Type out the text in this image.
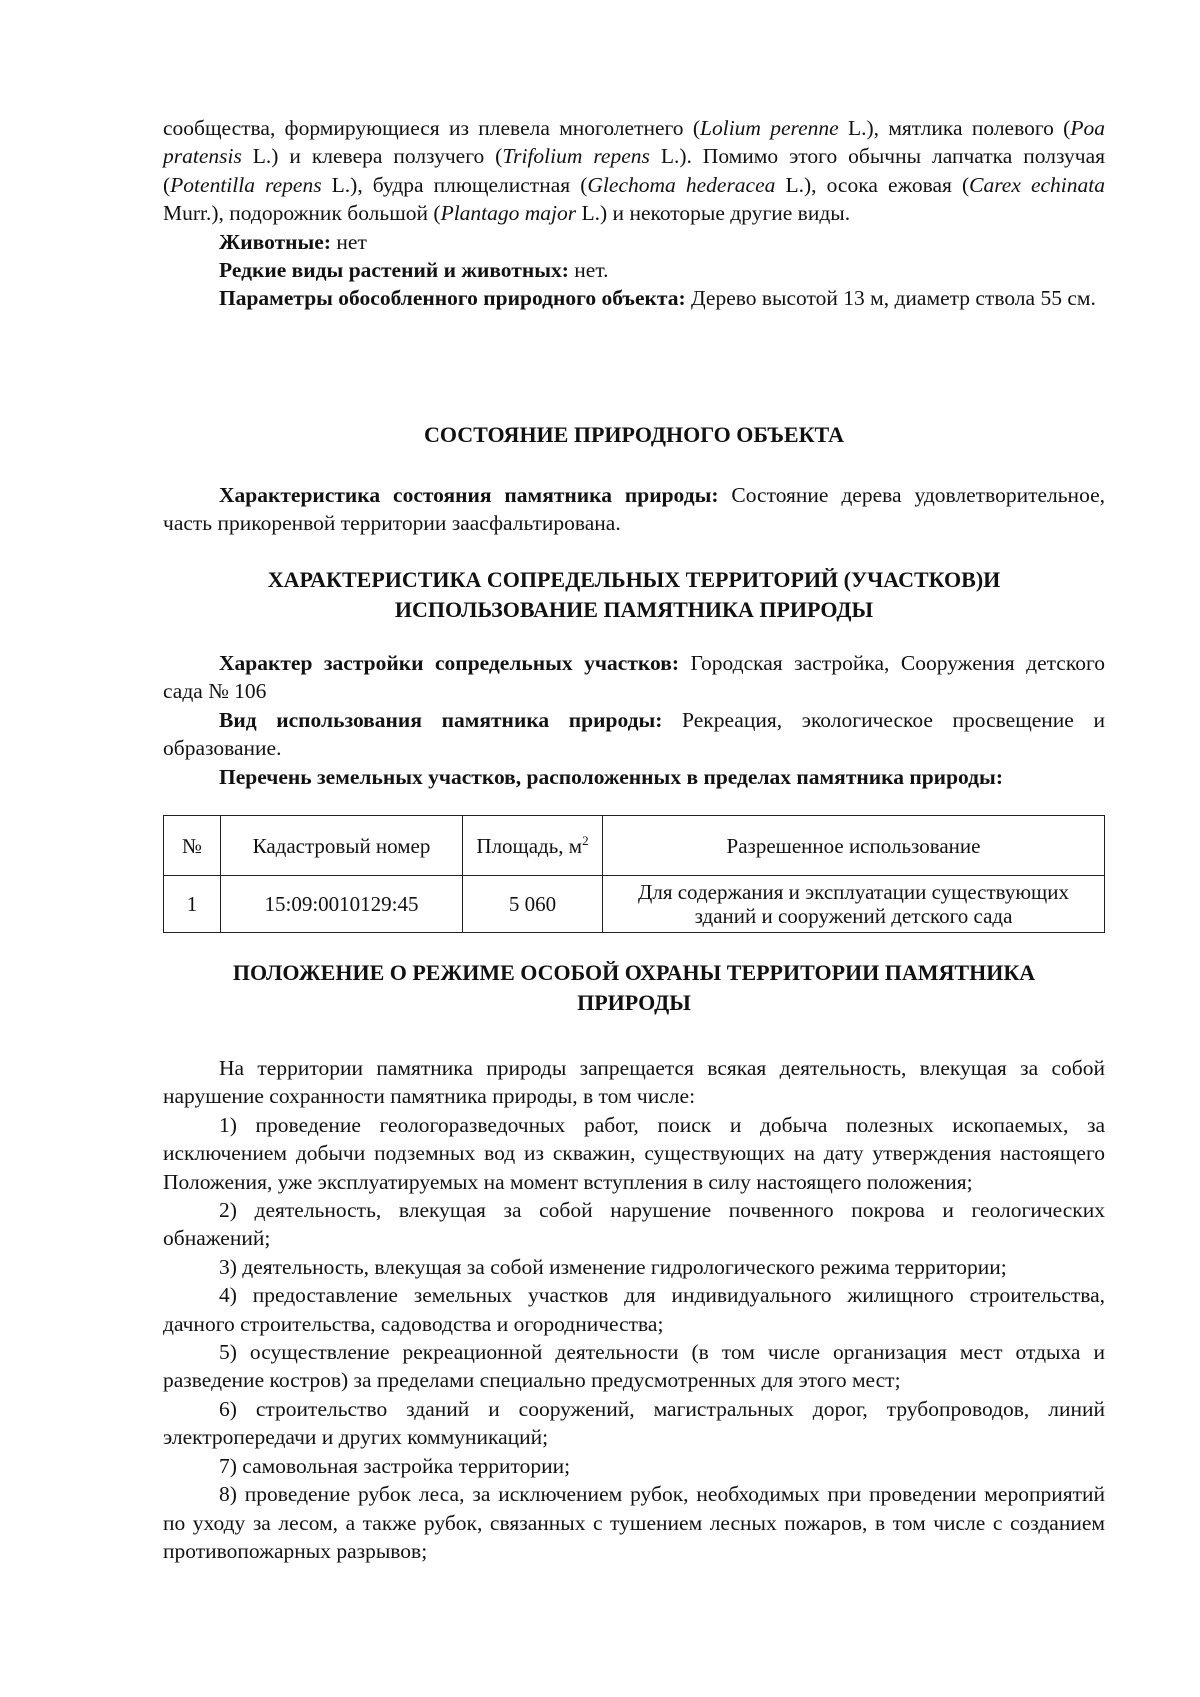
сообщества, формирующиеся из плевела многолетнего (Lolium perenne L.), мятлика полевого (Poa pratensis L.) и клевера ползучего (Trifolium repens L.). Помимо этого обычны лапчатка ползучая (Potentilla repens L.), будра плющелистная (Glechoma hederacea L.), осока ежовая (Carex echinata Murr.), подорожник большой (Plantago major L.) и некоторые другие виды.

Животные: нет

Редкие виды растений и животных: нет.

Параметры обособленного природного объекта: Дерево высотой 13 м, диаметр ствола 55 см.

СОСТОЯНИЕ ПРИРОДНОГО ОБЪЕКТА

Характеристика состояния памятника природы: Состояние дерева удовлетворительное, часть прикоренвой территории заасфальтирована.

ХАРАКТЕРИСТИКА СОПРЕДЕЛЬНЫХ ТЕРРИТОРИЙ (УЧАСТКОВ)И
ИСПОЛЬЗОВАНИЕ ПАМЯТНИКА ПРИРОДЫ

Характер застройки сопредельных участков: Городская застройка, Сооружения детского сада № 106

Вид использования памятника природы: Рекреация, экологическое просвещение и образование.

Перечень земельных участков, расположенных в пределах памятника природы:

№	Кадастровый номер	Площадь, $м^2$	Разрешенное использование
1	15:09:0010129:45	5 060	Для содержания и эксплуатации существующих зданий и сооружений детского сада
ПОЛОЖЕНИЕ О РЕЖИМЕ ОСОБОЙ ОХРАНЫ ТЕРРИТОРИИ ПАМЯТНИКА
ПРИРОДЫ

На территории памятника природы запрещается всякая деятельность, влекущая за собой нарушение сохранности памятника природы, в том числе:

1) проведение геологоразведочных работ, поиск и добыча полезных ископаемых, за исключением добычи подземных вод из скважин, существующих на дату утверждения настоящего Положения, уже эксплуатируемых на момент вступления в силу настоящего положения;

2) деятельность, влекущая за собой нарушение почвенного покрова и геологических обнажений;

3) деятельность, влекущая за собой изменение гидрологического режима территории;

4) предоставление земельных участков для индивидуального жилищного строительства, дачного строительства, садоводства и огородничества;

5) осуществление рекреационной деятельности (в том числе организация мест отдыха и разведение костров) за пределами специально предусмотренных для этого мест;

6) строительство зданий и сооружений, магистральных дорог, трубопроводов, линий электропередачи и других коммуникаций;

7) самовольная застройка территории;

8) проведение рубок леса, за исключением рубок, необходимых при проведении мероприятий по уходу за лесом, а также рубок, связанных с тушением лесных пожаров, в том числе с созданием противопожарных разрывов;
